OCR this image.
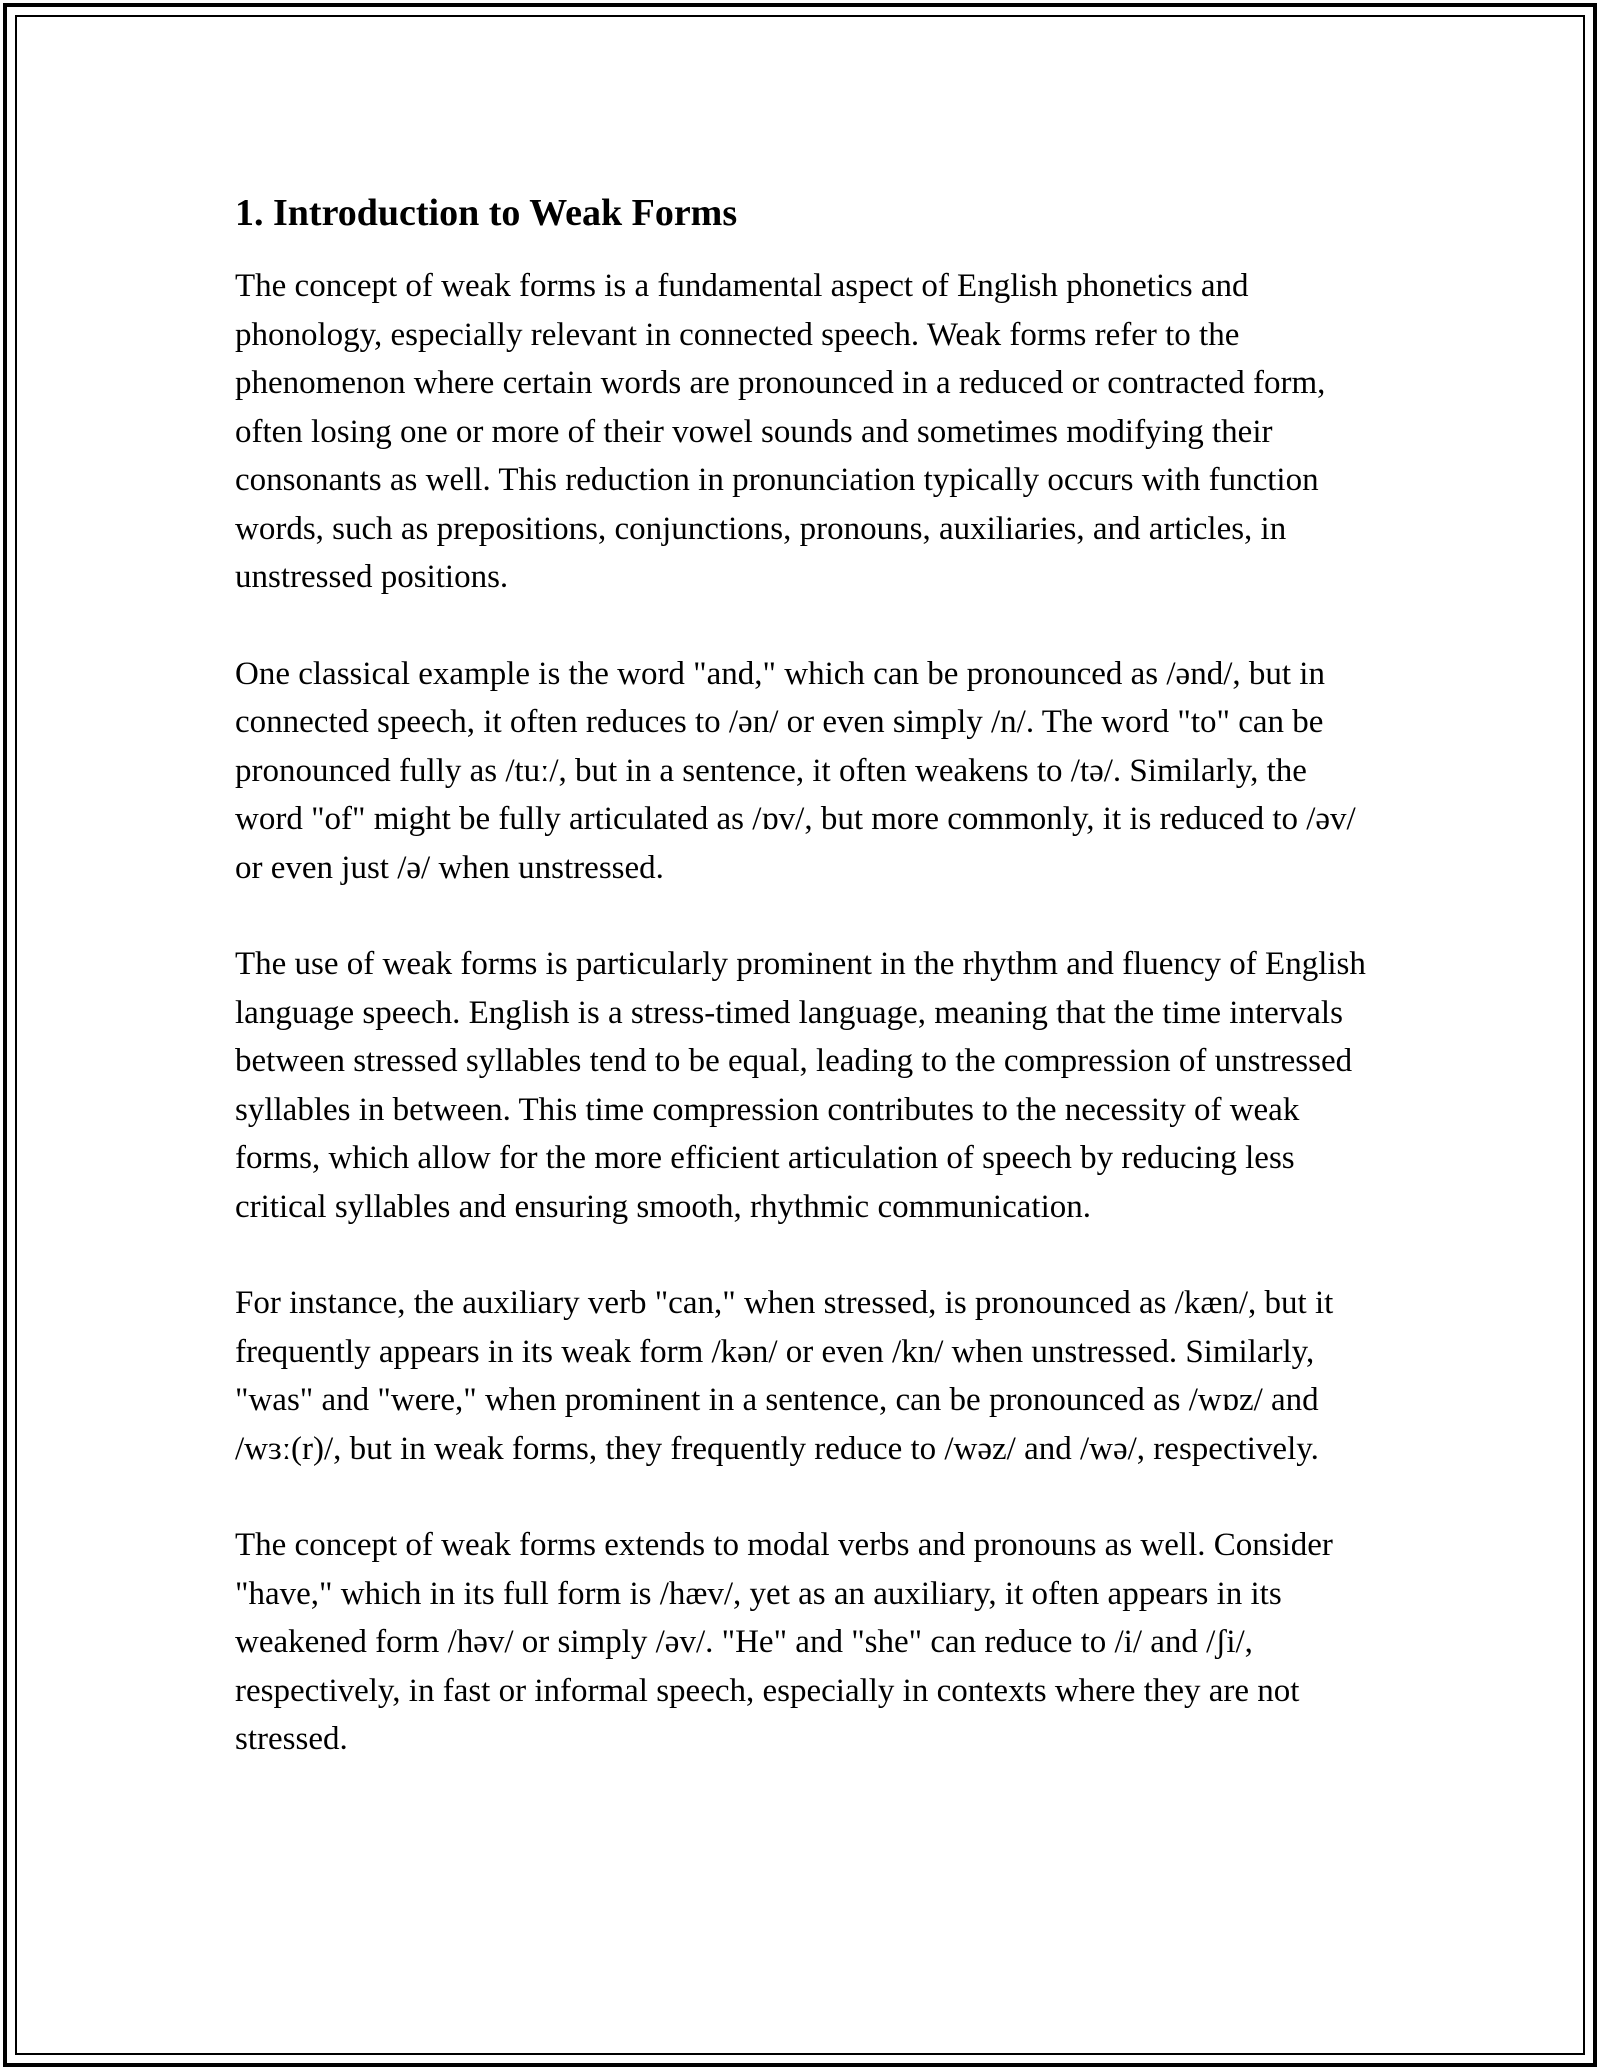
1. Introduction to Weak Forms

The concept of weak forms is a fundamental aspect of English phonetics and phonology, especially relevant in connected speech. Weak forms refer to the phenomenon where certain words are pronounced in a reduced or contracted form, often losing one or more of their vowel sounds and sometimes modifying their consonants as well. This reduction in pronunciation typically occurs with function words, such as prepositions, conjunctions, pronouns, auxiliaries, and articles, in unstressed positions.

One classical example is the word "and," which can be pronounced as /ənd/, but in connected speech, it often reduces to /ən/ or even simply /n/. The word "to" can be pronounced fully as /tuː/, but in a sentence, it often weakens to /tə/. Similarly, the word "of" might be fully articulated as /ɒv/, but more commonly, it is reduced to /əv/ or even just /ə/ when unstressed.

The use of weak forms is particularly prominent in the rhythm and fluency of English language speech. English is a stress-timed language, meaning that the time intervals between stressed syllables tend to be equal, leading to the compression of unstressed syllables in between. This time compression contributes to the necessity of weak forms, which allow for the more efficient articulation of speech by reducing less critical syllables and ensuring smooth, rhythmic communication.

For instance, the auxiliary verb "can," when stressed, is pronounced as /kæn/, but it frequently appears in its weak form /kən/ or even /kn/ when unstressed. Similarly, "was" and "were," when prominent in a sentence, can be pronounced as /wɒz/ and /wɜː(r)/, but in weak forms, they frequently reduce to /wəz/ and /wə/, respectively.

The concept of weak forms extends to modal verbs and pronouns as well. Consider "have," which in its full form is /hæv/, yet as an auxiliary, it often appears in its weakened form /həv/ or simply /əv/. "He" and "she" can reduce to /i/ and /ʃi/, respectively, in fast or informal speech, especially in contexts where they are not stressed.
